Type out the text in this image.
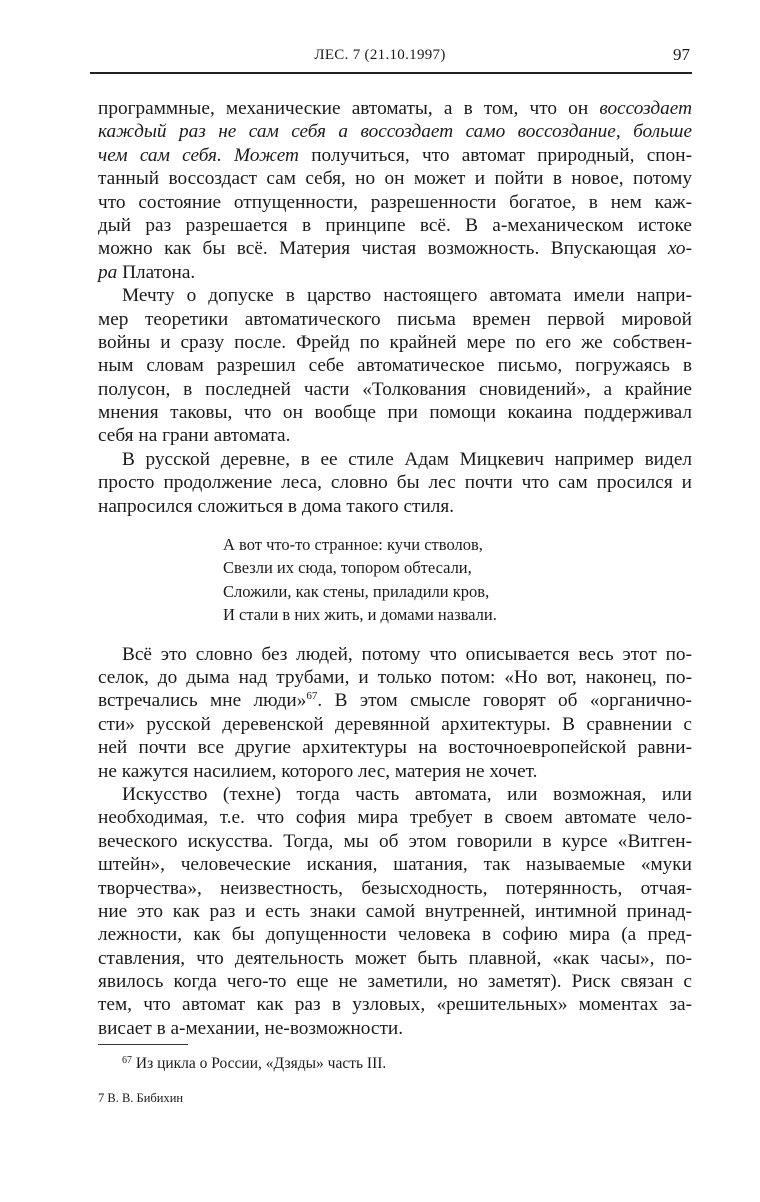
ЛЕС. 7 (21.10.1997)	97
программные, механические автоматы, а в том, что он воссоздает
каждый раз не сам себя а воссоздает само воссоздание, больше
чем сам себя. Может получиться, что автомат природный, спон-
танный воссоздаст сам себя, но он может и пойти в новое, потому
что состояние отпущенности, разрешенности богатое, в нем каж-
дый раз разрешается в принципе всё. В а-механическом истоке
можно как бы всё. Материя чистая возможность. Впускающая хо-
ра Платона.
Мечту о допуске в царство настоящего автомата имели напри-
мер теоретики автоматического письма времен первой мировой
войны и сразу после. Фрейд по крайней мере по его же собствен-
ным словам разрешил себе автоматическое письмо, погружаясь в
полусон, в последней части «Толкования сновидений», а крайние
мнения таковы, что он вообще при помощи кокаина поддерживал
себя на грани автомата.
В русской деревне, в ее стиле Адам Мицкевич например видел
просто продолжение леса, словно бы лес почти что сам просился и
напросился сложиться в дома такого стиля.
А вот что-то странное: кучи стволов,
Свезли их сюда, топором обтесали,
Сложили, как стены, приладили кров,
И стали в них жить, и домами назвали.
Всё это словно без людей, потому что описывается весь этот по-
селок, до дыма над трубами, и только потом: «Но вот, наконец, по-
встречались мне люди»$^{67}$. В этом смысле говорят об «органично-
сти» русской деревенской деревянной архитектуры. В сравнении с
ней почти все другие архитектуры на восточноевропейской равни-
не кажутся насилием, которого лес, материя не хочет.
Искусство (техне) тогда часть автомата, или возможная, или
необходимая, т.е. что софия мира требует в своем автомате чело-
веческого искусства. Тогда, мы об этом говорили в курсе «Витген-
штейн», человеческие искания, шатания, так называемые «муки
творчества», неизвестность, безысходность, потерянность, отчая-
ние это как раз и есть знаки самой внутренней, интимной принад-
лежности, как бы допущенности человека в софию мира (а пред-
ставления, что деятельность может быть плавной, «как часы», по-
явилось когда чего-то еще не заметили, но заметят). Риск связан с
тем, что автомат как раз в узловых, «решительных» моментах за-
висает в а-механии, не-возможности.
$^{67}$ Из цикла о России, «Дзяды» часть III.
7 В. В. Бибихин
